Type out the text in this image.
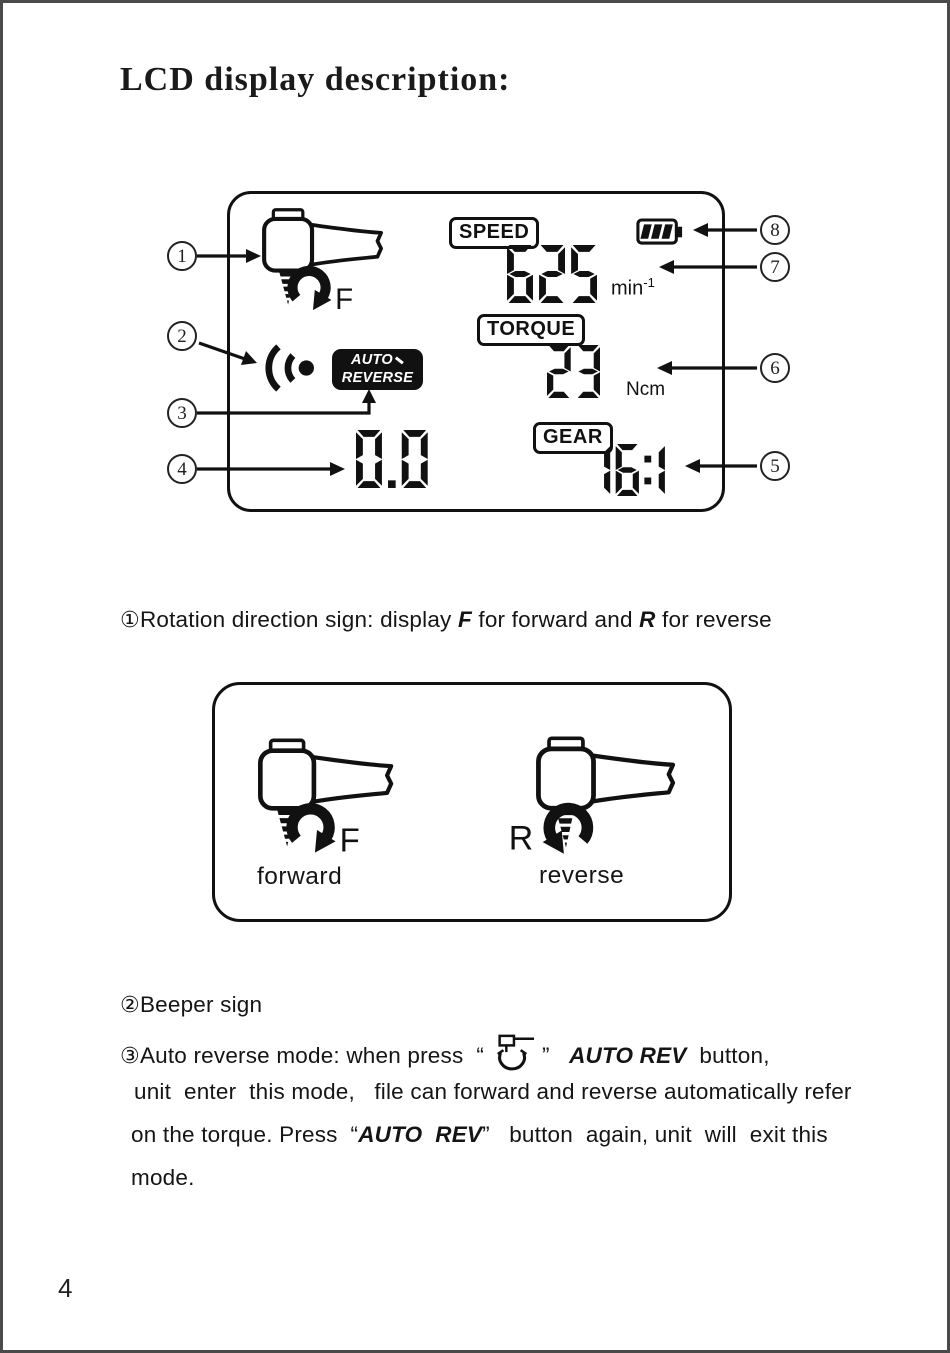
LCD display description:
SPEED
$\min^{-1}$
TORQUE
Ncm
AUTO
REVERSE
GEAR
1
2
3
4
8
7
6
5
①Rotation direction sign: display F for forward and R for reverse
forward	reverse
②Beeper sign
③Auto reverse mode: when press  “	” AUTO REV  button,
unit  enter  this mode,   file can forward and reverse automatically refer
on the torque. Press  “AUTO  REV”   button  again, unit  will  exit this
mode.
4
